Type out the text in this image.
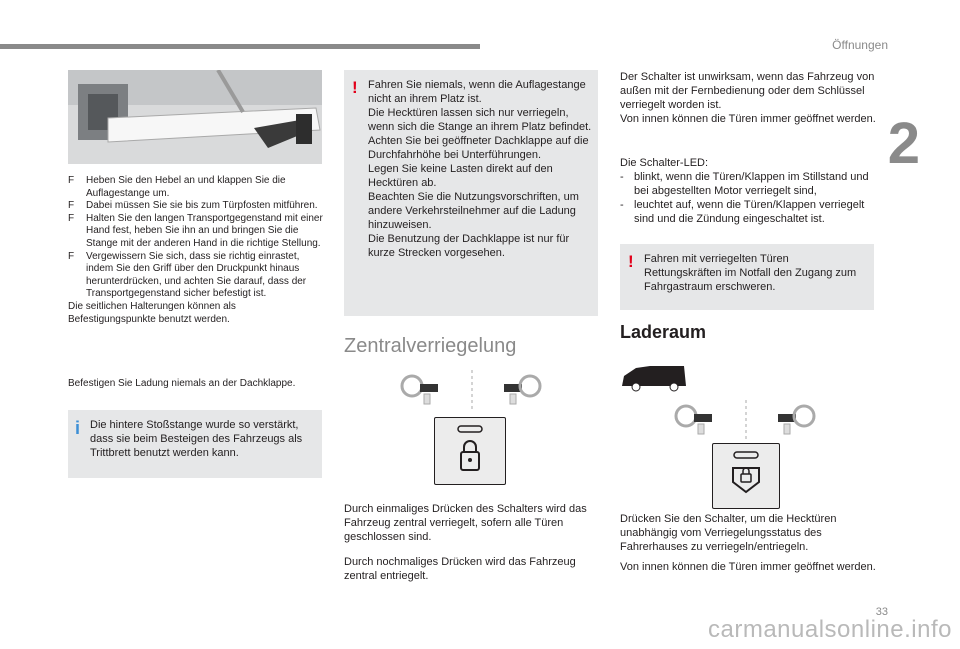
Öffnungen
2
F Heben Sie den Hebel an und klappen Sie die Auflagestange um.
F Dabei müssen Sie sie bis zum Türpfosten mitführen.
F Halten Sie den langen Transportgegenstand mit einer Hand fest, heben Sie ihn an und bringen Sie die Stange mit der anderen Hand in die richtige Stellung.
F Vergewissern Sie sich, dass sie richtig einrastet, indem Sie den Griff über den Druckpunkt hinaus herunterdrücken, und achten Sie darauf, dass der Transportgegenstand sicher befestigt ist.
Die seitlichen Halterungen können als Befestigungspunkte benutzt werden.
Befestigen Sie Ladung niemals an der Dachklappe.
i Die hintere Stoßstange wurde so verstärkt, dass sie beim Besteigen des Fahrzeugs als Trittbrett benutzt werden kann.
! Fahren Sie niemals, wenn die Auflagestange nicht an ihrem Platz ist.
Die Hecktüren lassen sich nur verriegeln, wenn sich die Stange an ihrem Platz befindet.
Achten Sie bei geöffneter Dachklappe auf die Durchfahrhöhe bei Unterführungen.
Legen Sie keine Lasten direkt auf den Hecktüren ab.
Beachten Sie die Nutzungsvorschriften, um andere Verkehrsteilnehmer auf die Ladung hinzuweisen.
Die Benutzung der Dachklappe ist nur für kurze Strecken vorgesehen.
Zentralverriegelung
Durch einmaliges Drücken des Schalters wird das Fahrzeug zentral verriegelt, sofern alle Türen geschlossen sind.
Durch nochmaliges Drücken wird das Fahrzeug zentral entriegelt.
Der Schalter ist unwirksam, wenn das Fahrzeug von außen mit der Fernbedienung oder dem Schlüssel verriegelt worden ist.
Von innen können die Türen immer geöffnet werden.
Die Schalter-LED:
- blinkt, wenn die Türen/Klappen im Stillstand und bei abgestellten Motor verriegelt sind,
- leuchtet auf, wenn die Türen/Klappen verriegelt sind und die Zündung eingeschaltet ist.
! Fahren mit verriegelten Türen Rettungskräften im Notfall den Zugang zum Fahrgastraum erschweren.
Laderaum
Drücken Sie den Schalter, um die Hecktüren unabhängig vom Verriegelungsstatus des Fahrerhauses zu verriegeln/entriegeln.
Von innen können die Türen immer geöffnet werden.
33
carmanualsonline.info
